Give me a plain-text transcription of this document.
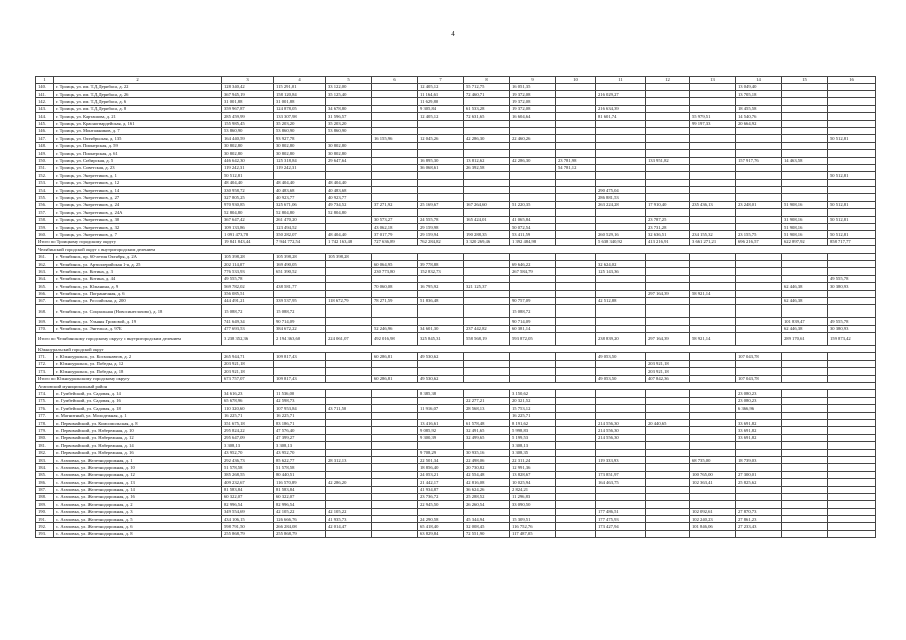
4
1	2	3	4	5	6	7	8	9	10	11	12	13	14	15	16
140.	г. Троицк, ул. им. Т.Д.Дерибаса, д. 22	128 340,42	115 291,01	33 122,00		12 405,12	55 712,75	16 051,35					13 049,40		
141.	г. Троицк, ул. им. Т.Д.Дерибаса, д. 26	367 945,19	158 120,84	35 125,40		11 164,61	72 460,71	19 372,08		216 029,27			13 705,18		
142.	г. Троицк, ул. им. Т.Д.Дерибаса, д. 6	31 001,88	31 001,88			11 629,80		19 372,08							
143.	г. Троицк, ул. им. Т.Д.Дерибаса, д. 8	359 967,87	124 878,05	34 678,80		9 305,84	61 533,28	19 372,08		216 634,39			18 455,58		
144.	г. Троицк, ул. Карташова, д. 21	285 459,99	133 307,98	31 596,57		12 405,12	72 631,65	16 604,64		81 601,74		55 979,51	14 540,76		
145.	г. Троицк, ул. Красногвардейская, д. 161	155 985,45	35 203,20	35 203,20								99 197,33	20 664,92		
146.	г. Троицк, ул. Монтажников, д. 7	53 860,90	53 860,90	53 860,90											
147.	г. Троицк, ул. Октябрьская, д. 135	164 440,59	93 927,78		16 155,96	12 045,26	42 286,30	22 460,26							50 512,81
148.	г. Троицк, ул. Пионерская, д. 59	30 802,80	30 802,80	30 802,80											
149.	г. Троицк, ул. Пионерская, д. 61	30 802,80	30 802,80	30 802,80											
150.	г. Троицк, ул. Сибирская, д. 5	446 642,30	125 318,84	29 647,64		16 895,30	13 812,62	42 286,30	23 781,98		133 951,82		157 917,76	14 463,58	
151.	г. Троицк, ул. Советская, д. 23	119 242,31	119 242,31			36 068,61	26 392,58		54 781,12						
152.	г. Троицк, ул. Энергетиков, д. 1	50 512,81													50 512,81
153.	г. Троицк, ул. Энергетиков, д. 12	48 404,40	48 404,40	48 404,40											
154.	г. Троицк, ул. Энергетиков, д. 14	330 958,72	40 483,68	40 483,68						290 475,04					
155.	г. Троицк, ул. Энергетиков, д. 27	327 805,25	40 923,77	40 923,77						286 881,53					
156.	г. Троицк, ул. Энергетиков, д. 24	970 930,85	325 671,06	49 734,52	37 271,92	25 169,67	167 264,60	51 220,35		263 224,28	17 910,40	235 436,13	23 248,01	51 908,16	50 512,81
157.	г. Троицк, ул. Энергетиков, д. 24А	52 804,80	52 804,80	52 804,80											
158.	г. Троицк, ул. Энергетиков, д. 30	367 647,42	261 470,20		30 573,27	24 555,78	165 424,01	41 065,84			23 787,25			31 908,16	50 512,81
159.	г. Троицк, ул. Энергетиков, д. 32	109 133,86	123 494,52		43 062,18	29 159,98		50 072,54			23 731,28			51 908,16	
160.	г. Троицк, ул. Энергетиков, д. 7	1 091 473,78	350 282,07	48 404,40	37 017,79	29 159,94	190 288,35	53 411,59		260 529,16	32 636,51	234 155,32	23 155,75	51 908,16	50 512,81
Итого по Троицкому городскому округу		19 841 843,44	7 944 772,54	1 742 163,48	727 636,89	762 284,82	3 320 269,46	1 392 484,98		5 638 340,92	413 216,91	3 661 271,21	696 216,57	622 897,92	858 717,77
Челябинский городской округ с внутригородским делением															
161.	г. Челябинск, пр. 60-летия Октября, д. 2А	105 398,28	105 398,28	105 398,28											
162.	г. Челябинск, ул. Артиллерийская 1-я, д. 25	202 114,07	169 490,05		60 064,95	39 778,88		69 646,22		32 624,02					
163.	г. Челябинск, ул. Котина, д. 3	776 533,93	651 390,52		230 773,80	152 832,73		267 584,79		125 143,36					
164.	г. Челябинск, ул. Котина, д. 44	49 555,78													49 555,78
165.	г. Челябинск, ул. Южанина, д. 9	569 782,02	438 581,77		70 060,08	16 795,92	321 125,37							62 446,38	30 380,93
166.	г. Челябинск, ул. Пограничная, д. 6	356 085,51									297 164,39	58 921,14			
167.	г. Челябинск, ул. Российская, д. 200	444 491,21	339 537,95	118 672,79	78 271,59	51 836,48		90 757,09		42 512,88				62 446,38	
168.	г. Челябинск, ул. Социальная (Новосинеглазово), д. 18	15 088,72	15 088,72					15 088,72							
169.	г. Челябинск, ул. Ульяны Громовой, д. 19	741 649,34	90 714,09					90 714,09						101 839,47	49 555,78
170.	г. Челябинск, ул. Энгельса, д. 97Б	477 693,53	384 672,22		52 246,96	34 601,30	237 442,82	60 381,14						62 446,38	30 380,93
Итого по Челябинскому городскому округу с внутригородским делением		3 238 352,36	2 194 363,60	224 061,07	492 016,98	325 845,31	558 568,19	593 872,05		238 839,20	297 164,39	58 921,14		289 170,61	159 873,42
Южноуральский городской округ															
171.	г. Южноуральск, ул. Космонавтов, д. 2	265 944,71	109 817,43		60 286,81	49 530,62				49 053,50			107 043,78		
172.	г. Южноуральск, ул. Победы, д. 12	203 921,18									203 921,18				
173.	г. Южноуральск, ул. Победы, д. 18	203 921,18									203 921,18				
Итого по Южноуральскому городскому округу		673 757,07	109 817,43		60 286,81	49 530,62				49 053,50	407 842,36		107 043,78		
Агаповский муниципальный район															
174.	п. Гумбейский, ул. Садовая, д. 14	34 616,23	11 536,00			8 385,38		3 150,62					23 080,23		
175.	п. Гумбейский, ул. Садовая, д. 16	65 678,96	42 598,73				22 277,21	20 321,52					23 080,23		
176.	п. Гумбейский, ул. Садовая, д. 18	110 320,60	107 953,84	43 711,50		11 916,07	28 568,13	15 753,12					6 366,96		
177.	п. Магнитный, ул. Молодежная, д. 1	16 225,71	16 225,71					16 225,71							
178.	п. Первомайский, ул. Комсомольская, д. 8	351 675,18	83 186,71			13 416,61	61 578,48	8 191,62		214 556,30	20 440,65		33 691,82		
179.	п. Первомайский, ул. Набережная, д. 10	295 824,22	47 576,40			9 085,92	32 491,65	5 998,83		214 556,30			33 691,82		
180.	п. Первомайский, ул. Набережная, д. 12	295 647,09	47 399,27			9 300,39	32 499,65	5 199,53		214 556,30			33 691,82		
181.	п. Первомайский, ул. Набережная, д. 14	3 308,13	3 308,13					3 308,13							
182.	п. Первомайский, ул. Набережная, д. 16	43 952,70	43 952,70			9 708,29	30 935,16	3 308,35							
183.	с. Агаповка, ул. Железнодорожная, д. 1	292 436,73	85 622,77	28 312,13		22 501,34	22 498,06	22 311,24		119 333,93		68 735,00	18 739,03		
184.	с. Агаповка, ул. Железнодорожная, д. 10	51 578,58	51 578,58			18 856,40	20 730,82	12 991,36							
185.	с. Агаповка, ул. Железнодорожная, д. 12	385 268,55	80 440,51			24 053,21	42 554,48	13 828,67		173 851,97		100 765,00	27 300,01		
186.	с. Агаповка, ул. Железнодорожная, д. 13	409 232,67	116 570,89	42 286,20		21 442,17	42 816,08	10 025,94		164 463,75		102 363,41	25 825,62		
187.	с. Агаповка, ул. Железнодорожная, д. 14	81 583,84	81 583,84			41 934,87	36 624,26	2 824,21							
188.	с. Агаповка, ул. Железнодорожная, д. 16	60 322,07	60 322,07			23 736,72	25 288,52	11 296,83							
189.	с. Агаповка, ул. Железнодорожная, д. 2	82 996,54	82 996,54			22 945,50	26 260,54	33 090,50							
190.	с. Агаповка, ул. Железнодорожная, д. 3	349 554,69	42 105,22	42 105,22						177 486,51		102 092,61	27 870,73		
191.	с. Агаповка, ул. Железнодорожная, д. 5	434 106,15	126 666,76	41 935,73		24 290,58	45 344,94	15 309,51		177 475,93		102 240,23	27 861,23		
192.	с. Агаповка, ул. Железнодорожная, д. 6	598 791,50	266 284,08	42 014,47		65 418,40	32 008,45	116 752,76		173 427,94		101 846,06	27 233,43		
193.	с. Агаповка, ул. Железнодорожная, д. 8	255 868,79	255 868,79			63 829,84	72 551,90	117 487,05							
